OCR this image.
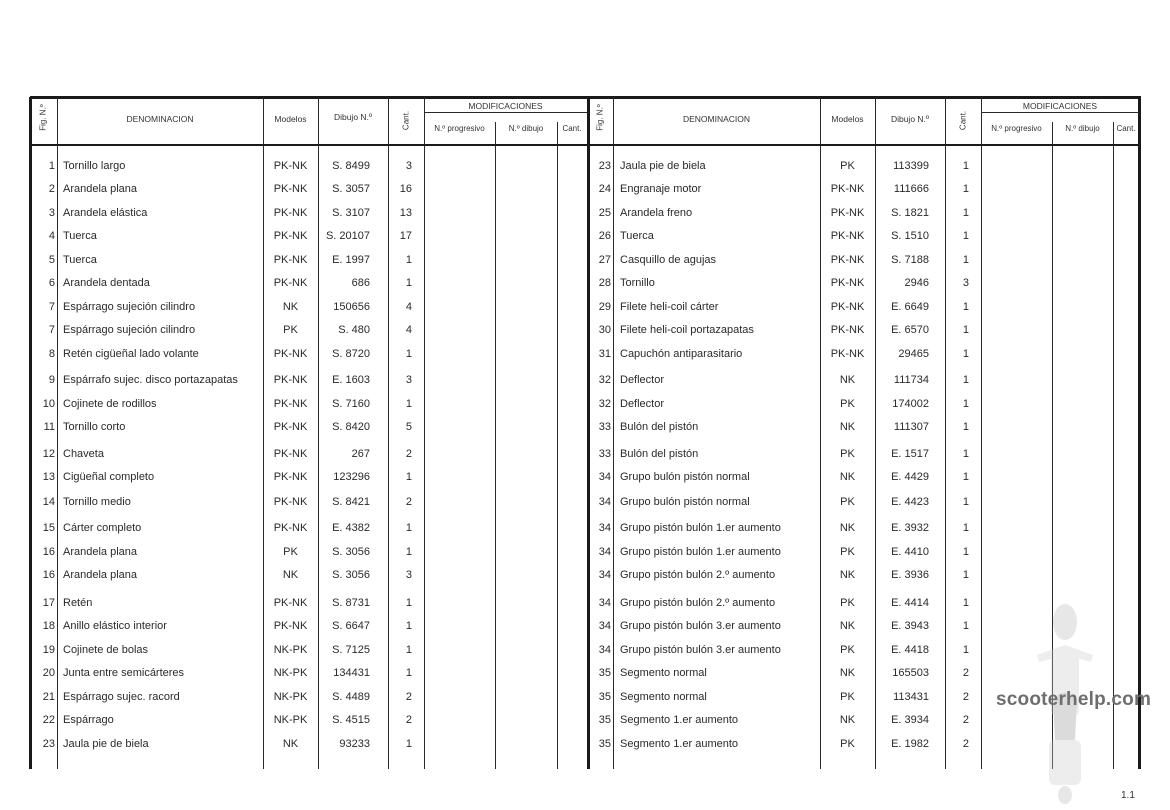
Fig. N.º	DENOMINACION	Modelos	Dibujo N.º	Cant.
MODIFICACIONES
N.º progresivo	N.º dibujo	Cant.	Fig. N.º	DENOMINACION	Modelos	Dibujo N.º	Cant.
MODIFICACIONES
N.º progresivo	N.º dibujo	Cant.
1 Tornillo largo	PK-NK	S. 8499	3
2 Arandela plana	PK-NK	S. 3057	16
3 Arandela elástica	PK-NK	S. 3107	13
4 Tuerca	PK-NK	S. 20107	17
5 Tuerca	PK-NK	E. 1997	1
6 Arandela dentada	PK-NK	686	1
7 Espárrago sujeción cilindro	NK	150656	4
7 Espárrago sujeción cilindro	PK	S. 480	4
8 Retén cigüeñal lado volante	PK-NK	S. 8720	1
9 Espárrafo sujec. disco portazapatas	PK-NK	E. 1603	3
10 Cojinete de rodillos	PK-NK	S. 7160	1
11 Tornillo corto	PK-NK	S. 8420	5
12 Chaveta	PK-NK	267	2
13 Cigüeñal completo	PK-NK	123296	1
14 Tornillo medio	PK-NK	S. 8421	2
15 Cárter completo	PK-NK	E. 4382	1
16 Arandela plana	PK	S. 3056	1
16 Arandela plana	NK	S. 3056	3
17 Retén	PK-NK	S. 8731	1
18 Anillo elástico interior	PK-NK	S. 6647	1
19 Cojinete de bolas	NK-PK	S. 7125	1
20 Junta entre semicárteres	NK-PK	134431	1
21 Espárrago sujec. racord	NK-PK	S. 4489	2
22 Espárrago	NK-PK	S. 4515	2
23 Jaula pie de biela	NK	93233	1
23 Jaula pie de biela	PK	113399	1
24 Engranaje motor	PK-NK	111666	1
25 Arandela freno	PK-NK	S. 1821	1
26 Tuerca	PK-NK	S. 1510	1
27 Casquillo de agujas	PK-NK	S. 7188	1
28 Tornillo	PK-NK	2946	3
29 Filete heli-coil cárter	PK-NK	E. 6649	1
30 Filete heli-coil portazapatas	PK-NK	E. 6570	1
31 Capuchón antiparasitario	PK-NK	29465	1
32 Deflector	NK	111734	1
32 Deflector	PK	174002	1
33 Bulón del pistón	NK	111307	1
33 Bulón del pistón	PK	E. 1517	1
34 Grupo bulón pistón normal	NK	E. 4429	1
34 Grupo bulón pistón normal	PK	E. 4423	1
34 Grupo pistón bulón 1.er aumento	NK	E. 3932	1
34 Grupo pistón bulón 1.er aumento	PK	E. 4410	1
34 Grupo pistón bulón 2.º aumento	NK	E. 3936	1
34 Grupo pistón bulón 2.º aumento	PK	E. 4414	1
34 Grupo pistón bulón 3.er aumento	NK	E. 3943	1
34 Grupo pistón bulón 3.er aumento	PK	E. 4418	1
35 Segmento normal	NK	165503	2
35 Segmento normal	PK	113431	2
35 Segmento 1.er aumento	NK	E. 3934	2
35 Segmento 1.er aumento	PK	E. 1982	2
scooterhelp.com
1.1
